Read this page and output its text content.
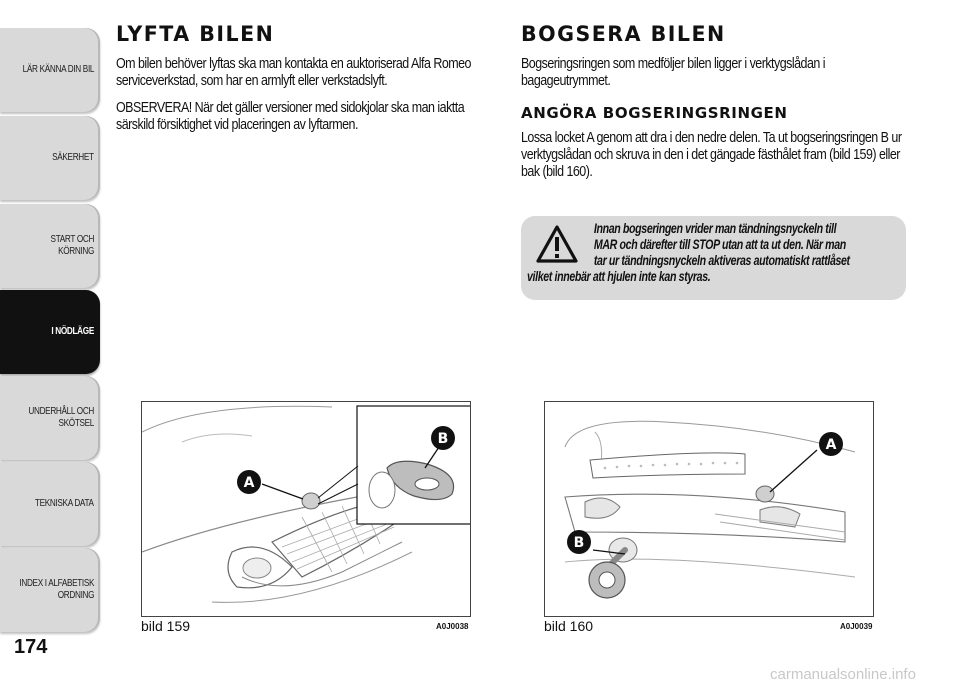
LÄR KÄNNA DIN BIL
SÄKERHET
START OCH
KÖRNING
I NÖDLÄGE
UNDERHÅLL OCH
SKÖTSEL
TEKNISKA DATA
INDEX I ALFABETISK
ORDNING
174
LYFTA BILEN

Om bilen behöver lyftas ska man kontakta en auktoriserad Alfa Romeo serviceverkstad, som har en armlyft eller verkstadslyft.

OBSERVERA! När det gäller versioner med sidokjolar ska man iaktta särskild försiktighet vid placeringen av lyftarmen.

BOGSERA BILEN

Bogseringsringen som medföljer bilen ligger i verktygslådan i bagageutrymmet.

ANGÖRA BOGSERINGSRINGEN

Lossa locket A genom att dra i den nedre delen. Ta ut bogseringsringen B ur verktygslådan och skruva in den i det gängade fästhålet fram (bild 159) eller bak (bild 160).

Innan bogseringen vrider man tändningsnyckeln till
MAR och därefter till STOP utan att ta ut den. När man
tar ur tändningsnyckeln aktiveras automatiskt rattlåset
vilket innebär att hjulen inte kan styras.
A
B
bild 159	A0J0038
A
B
bild 160	A0J0039
carmanualsonline.info
